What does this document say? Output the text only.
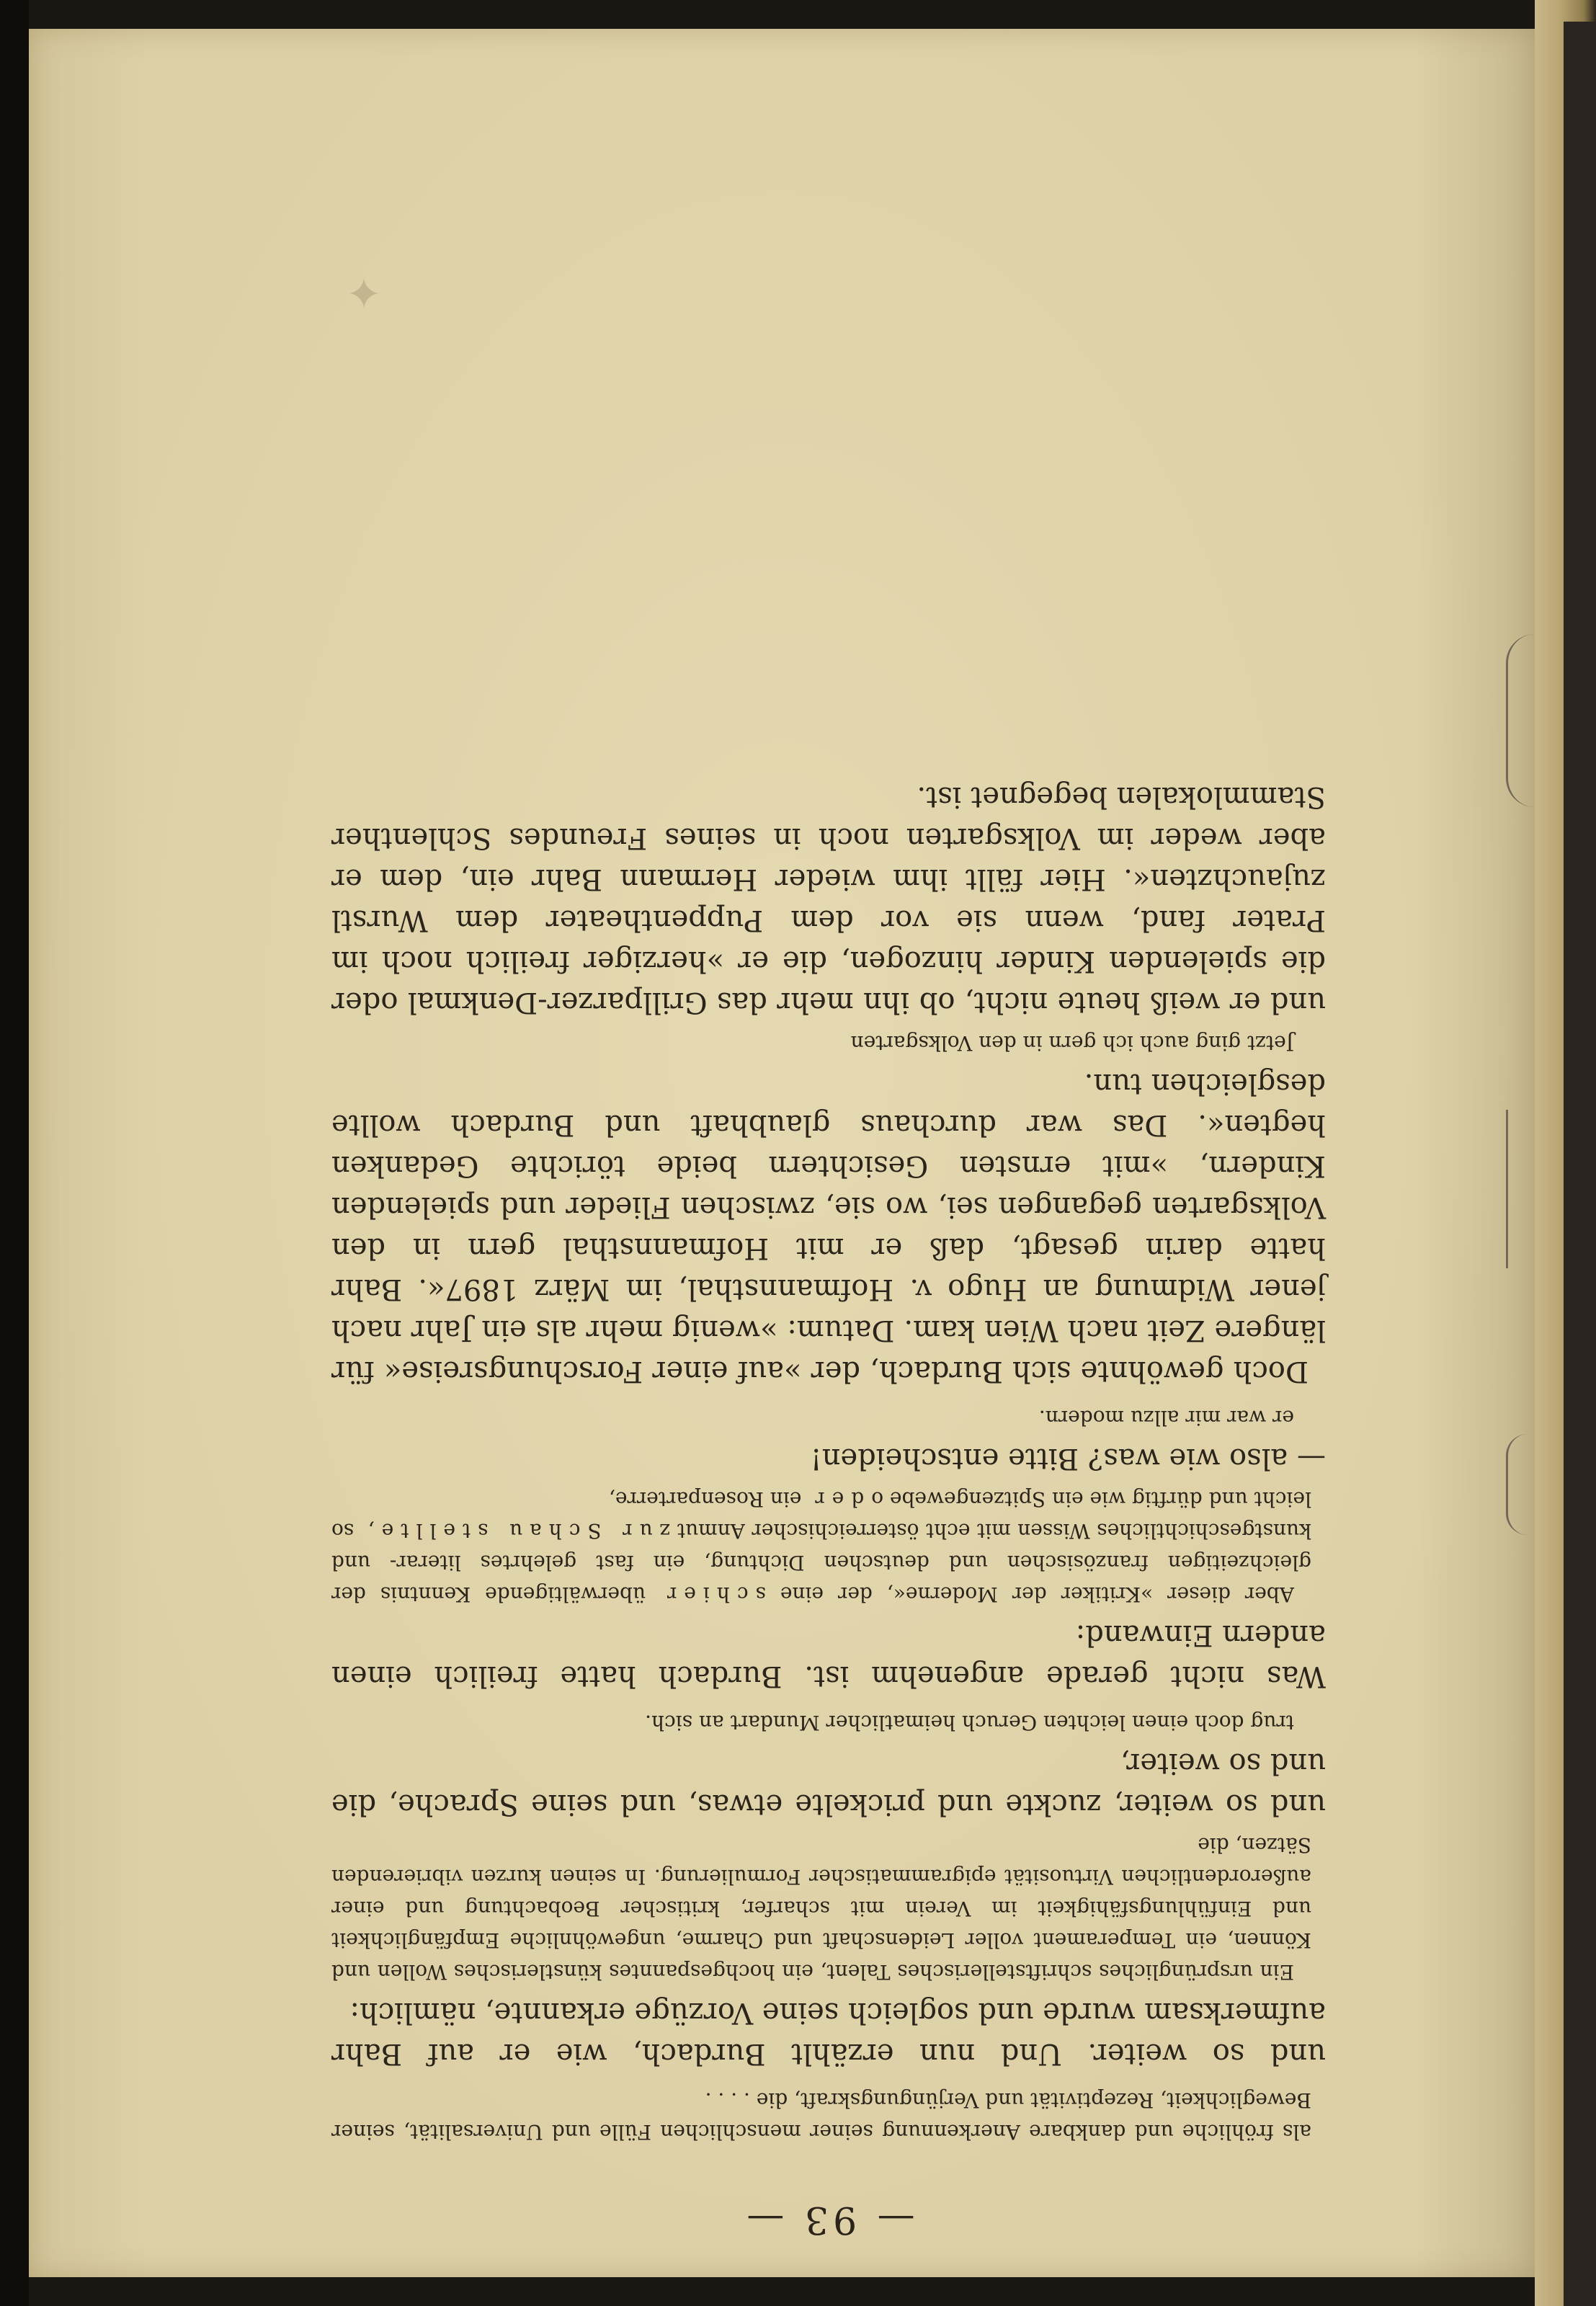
✦
— 93 —

als fröhliche und dankbare Anerkennung seiner menschlichen Fülle und Universalität, seiner Beweglichkeit, Rezeptivität und Verjüngungskraft, die . . . .

und so weiter. Und nun erzählt Burdach, wie er auf Bahr aufmerksam wurde und sogleich seine Vorzüge erkannte, nämlich:

Ein ursprüngliches schriftstellerisches Talent, ein hochgespanntes künstlerisches Wollen und Können, ein Temperament voller Leidenschaft und Charme, ungewöhnliche Empfänglichkeit und Einfühlungsfähigkeit im Verein mit scharfer, kritischer Beobachtung und einer außerordentlichen Virtuosität epigrammatischer Formulierung. In seinen kurzen vibrierenden Sätzen, die

und so weiter, zuckte und prickelte etwas, und seine Sprache, die und so weiter,

trug doch einen leichten Geruch heimatlicher Mundart an sich.

Was nicht gerade angenehm ist. Burdach hatte freilich einen andern Einwand:

Aber dieser »Kritiker der Moderne«, der eine schier überwältigende Kenntnis der gleichzeitigen französischen und deutschen Dichtung, ein fast gelehrtes literar- und kunstgeschichtliches Wissen mit echt österreichischer Anmut zur Schau stellte, so leicht und dürftig wie ein Spitzengewebe oder ein Rosenparterre,

— also wie was? Bitte entscheiden!

er war mir allzu modern.

Doch gewöhnte sich Burdach, der »auf einer Forschungsreise« für längere Zeit nach Wien kam. Datum: »wenig mehr als ein Jahr nach jener Widmung an Hugo v. Hofmannsthal, im März 1897«. Bahr hatte darin gesagt, daß er mit Hofmannsthal gern in den Volksgarten gegangen sei, wo sie, zwischen Flieder und spielenden Kindern, »mit ernsten Gesichtern beide törichte Gedanken hegten«. Das war durchaus glaubhaft und Burdach wollte desgleichen tun.

Jetzt ging auch ich gern in den Volksgarten

und er weiß heute nicht, ob ihn mehr das Grillparzer-Denkmal oder die spielenden Kinder hinzogen, die er »herziger freilich noch im Prater fand, wenn sie vor dem Puppentheater dem Wurstl zujauchzten«. Hier fällt ihm wieder Hermann Bahr ein, dem er aber weder im Volksgarten noch in seines Freundes Schlenther Stammlokalen begegnet ist.
